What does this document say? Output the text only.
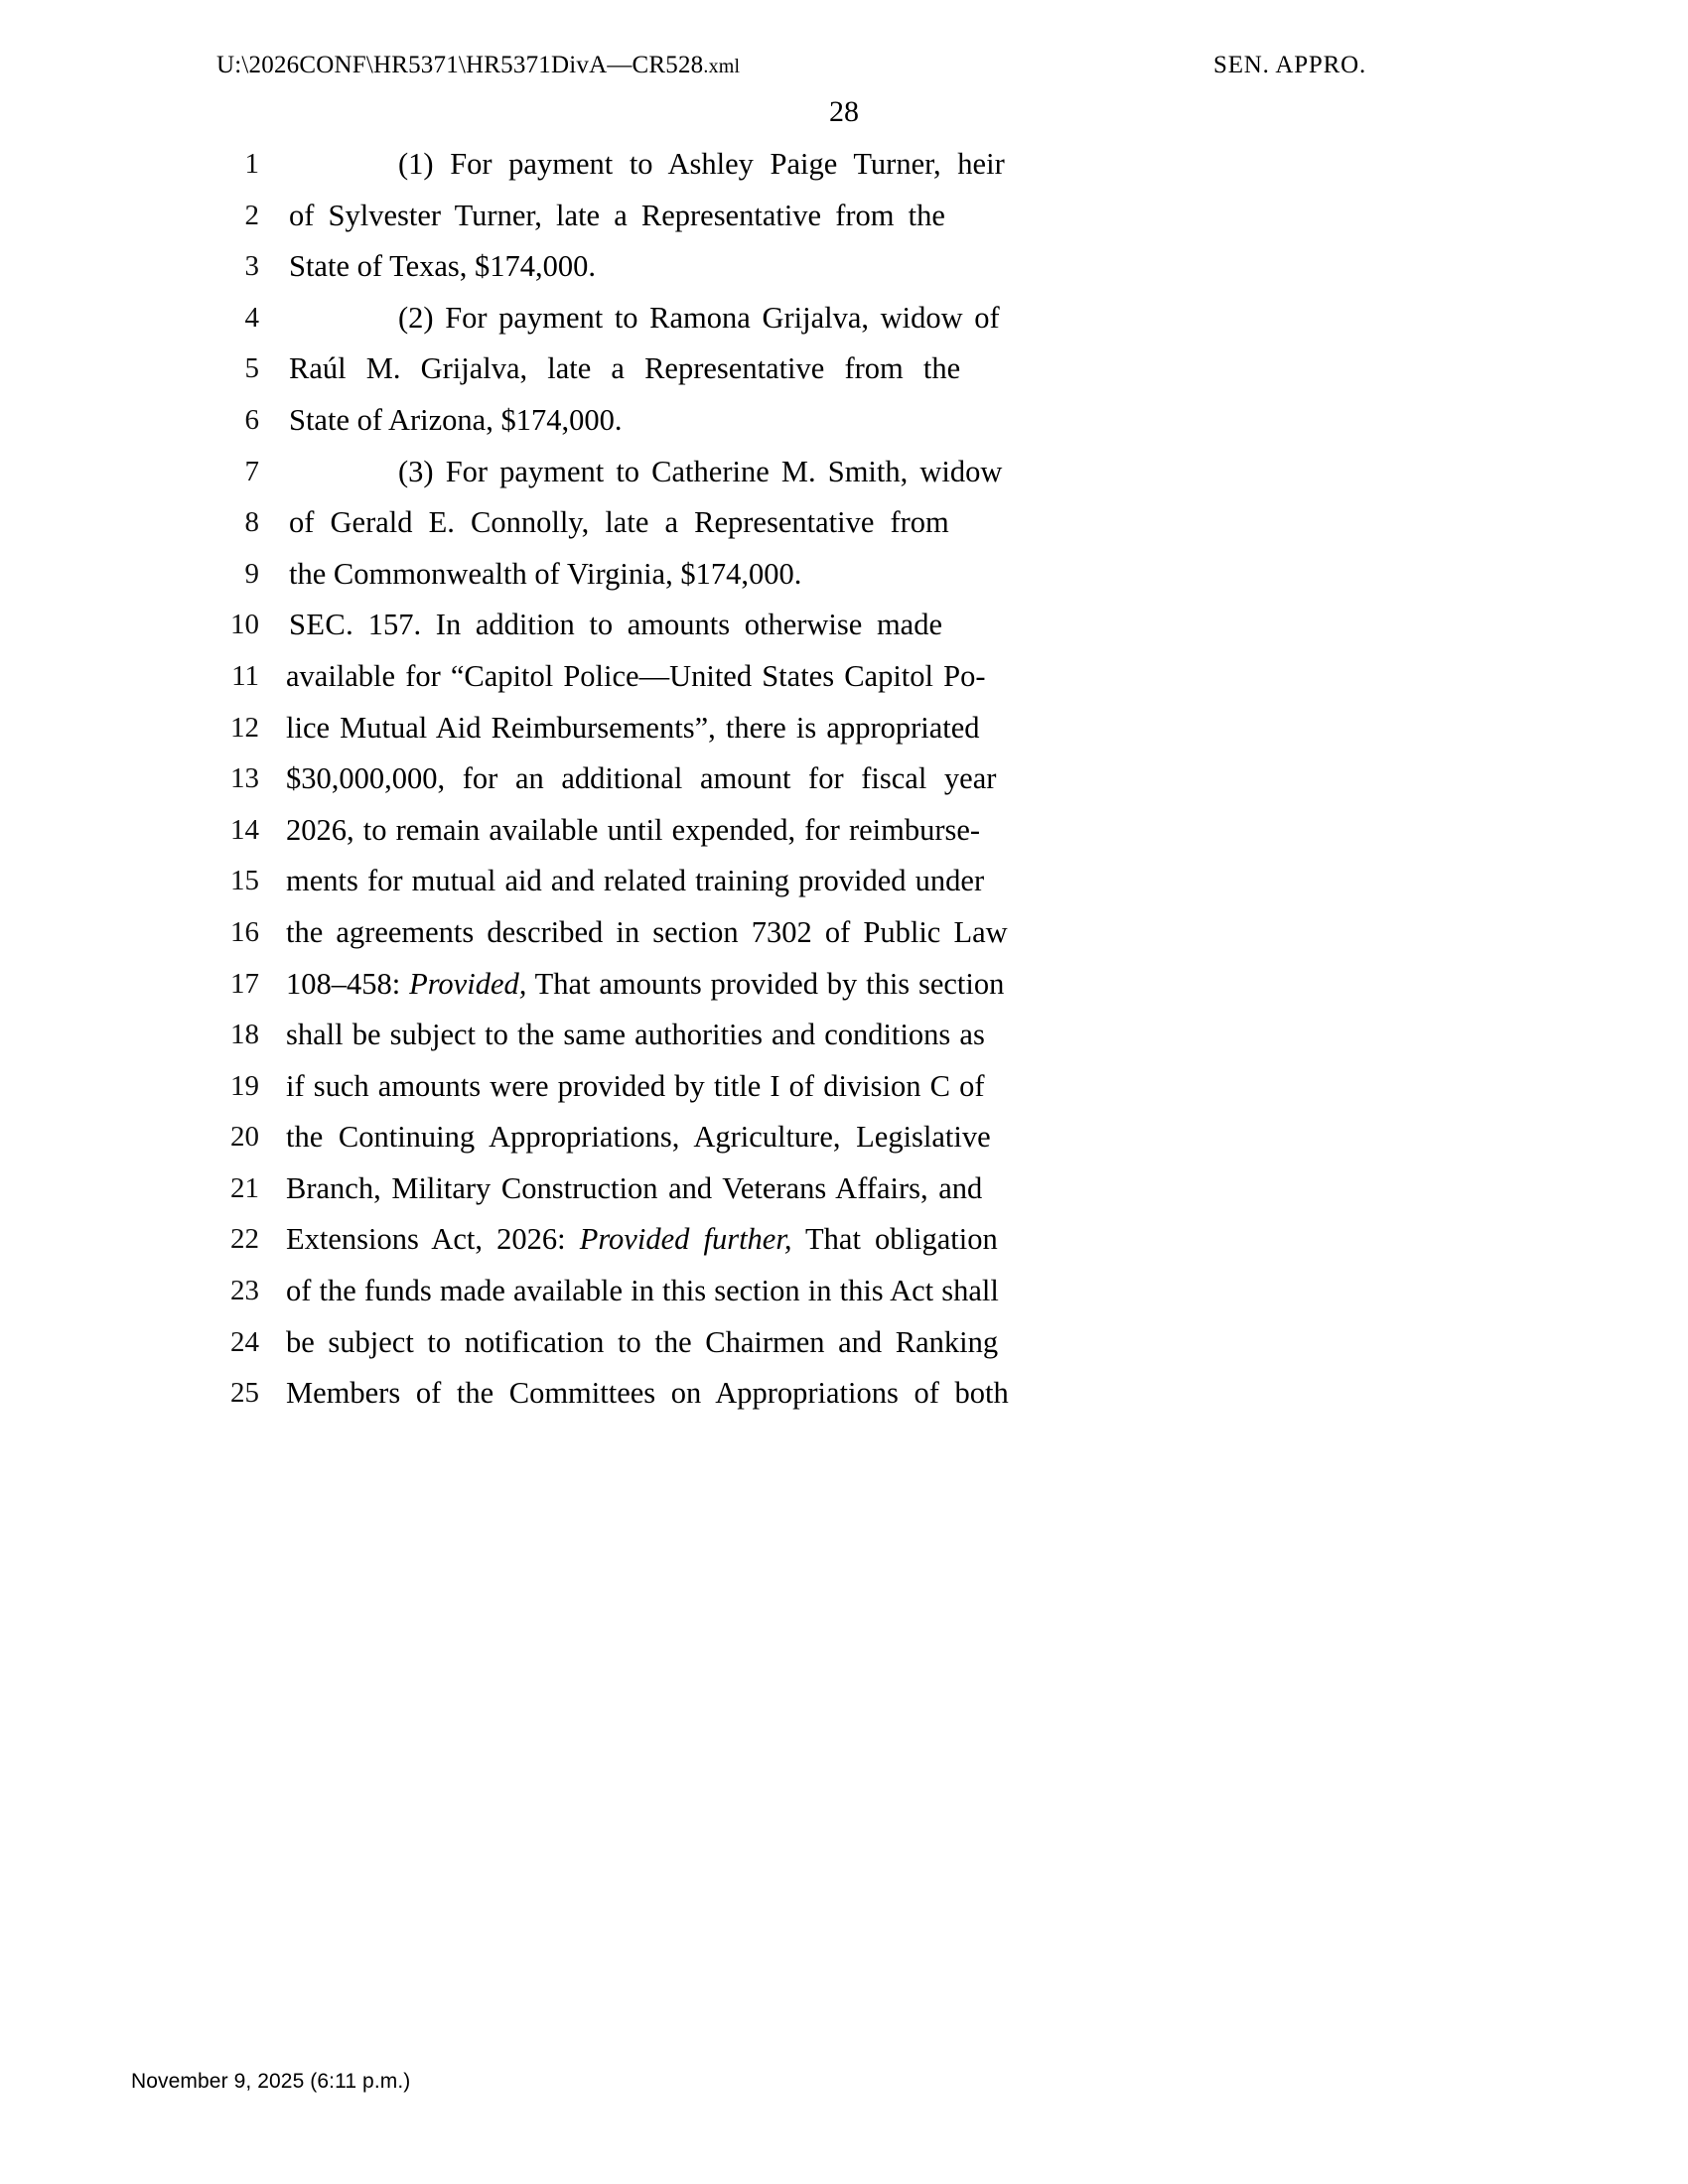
U:\2026CONF\HR5371\HR5371DivA—CR528.xml	SEN. APPRO.
28
1	(1) For payment to Ashley Paige Turner, heir
2 of Sylvester Turner, late a Representative from the
3 State of Texas, $174,000.
4	(2) For payment to Ramona Grijalva, widow of
5 Raúl M. Grijalva, late a Representative from the
6 State of Arizona, $174,000.
7	(3) For payment to Catherine M. Smith, widow
8 of Gerald E. Connolly, late a Representative from
9 the Commonwealth of Virginia, $174,000.
10 SEC. 157. In addition to amounts otherwise made
11 available for “Capitol Police—United States Capitol Po-
12 lice Mutual Aid Reimbursements”, there is appropriated
13 $30,000,000, for an additional amount for fiscal year
14 2026, to remain available until expended, for reimburse-
15 ments for mutual aid and related training provided under
16 the agreements described in section 7302 of Public Law
17 108–458: Provided, That amounts provided by this section
18 shall be subject to the same authorities and conditions as
19 if such amounts were provided by title I of division C of
20 the Continuing Appropriations, Agriculture, Legislative
21 Branch, Military Construction and Veterans Affairs, and
22 Extensions Act, 2026: Provided further, That obligation
23 of the funds made available in this section in this Act shall
24 be subject to notification to the Chairmen and Ranking
25 Members of the Committees on Appropriations of both
November 9, 2025 (6:11 p.m.)
